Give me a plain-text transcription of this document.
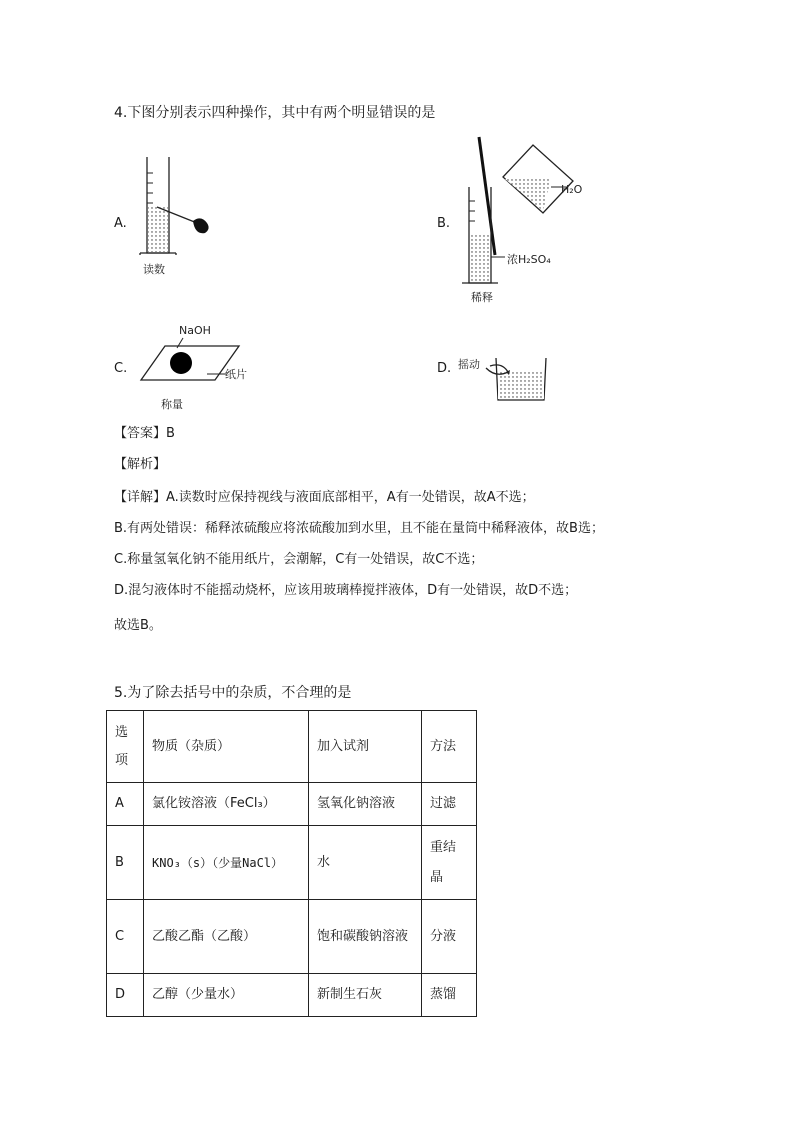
4.下图分别表示四种操作，其中有两个明显错误的是
A.
读数
B.
H₂O
浓H₂SO₄
稀释
C.
NaOH
纸片
称量
D. 摇动
【答案】B
【解析】
【详解】A.读数时应保持视线与液面底部相平，A有一处错误，故A不选；
B.有两处错误：稀释浓硫酸应将浓硫酸加到水里，且不能在量筒中稀释液体，故B选；
C.称量氢氧化钠不能用纸片，会潮解，C有一处错误，故C不选；
D.混匀液体时不能摇动烧杯，应该用玻璃棒搅拌液体，D有一处错误，故D不选；
故选B。
5.为了除去括号中的杂质，不合理的是
选项	物质（杂质）	加入试剂	方法
A	氯化铵溶液（FeCl₃）	氢氧化钠溶液	过滤
B	KNO₃（s）（少量NaCl）	水	重结晶
C	乙酸乙酯（乙酸）	饱和碳酸钠溶液	分液
D	乙醇（少量水）	新制生石灰	蒸馏
